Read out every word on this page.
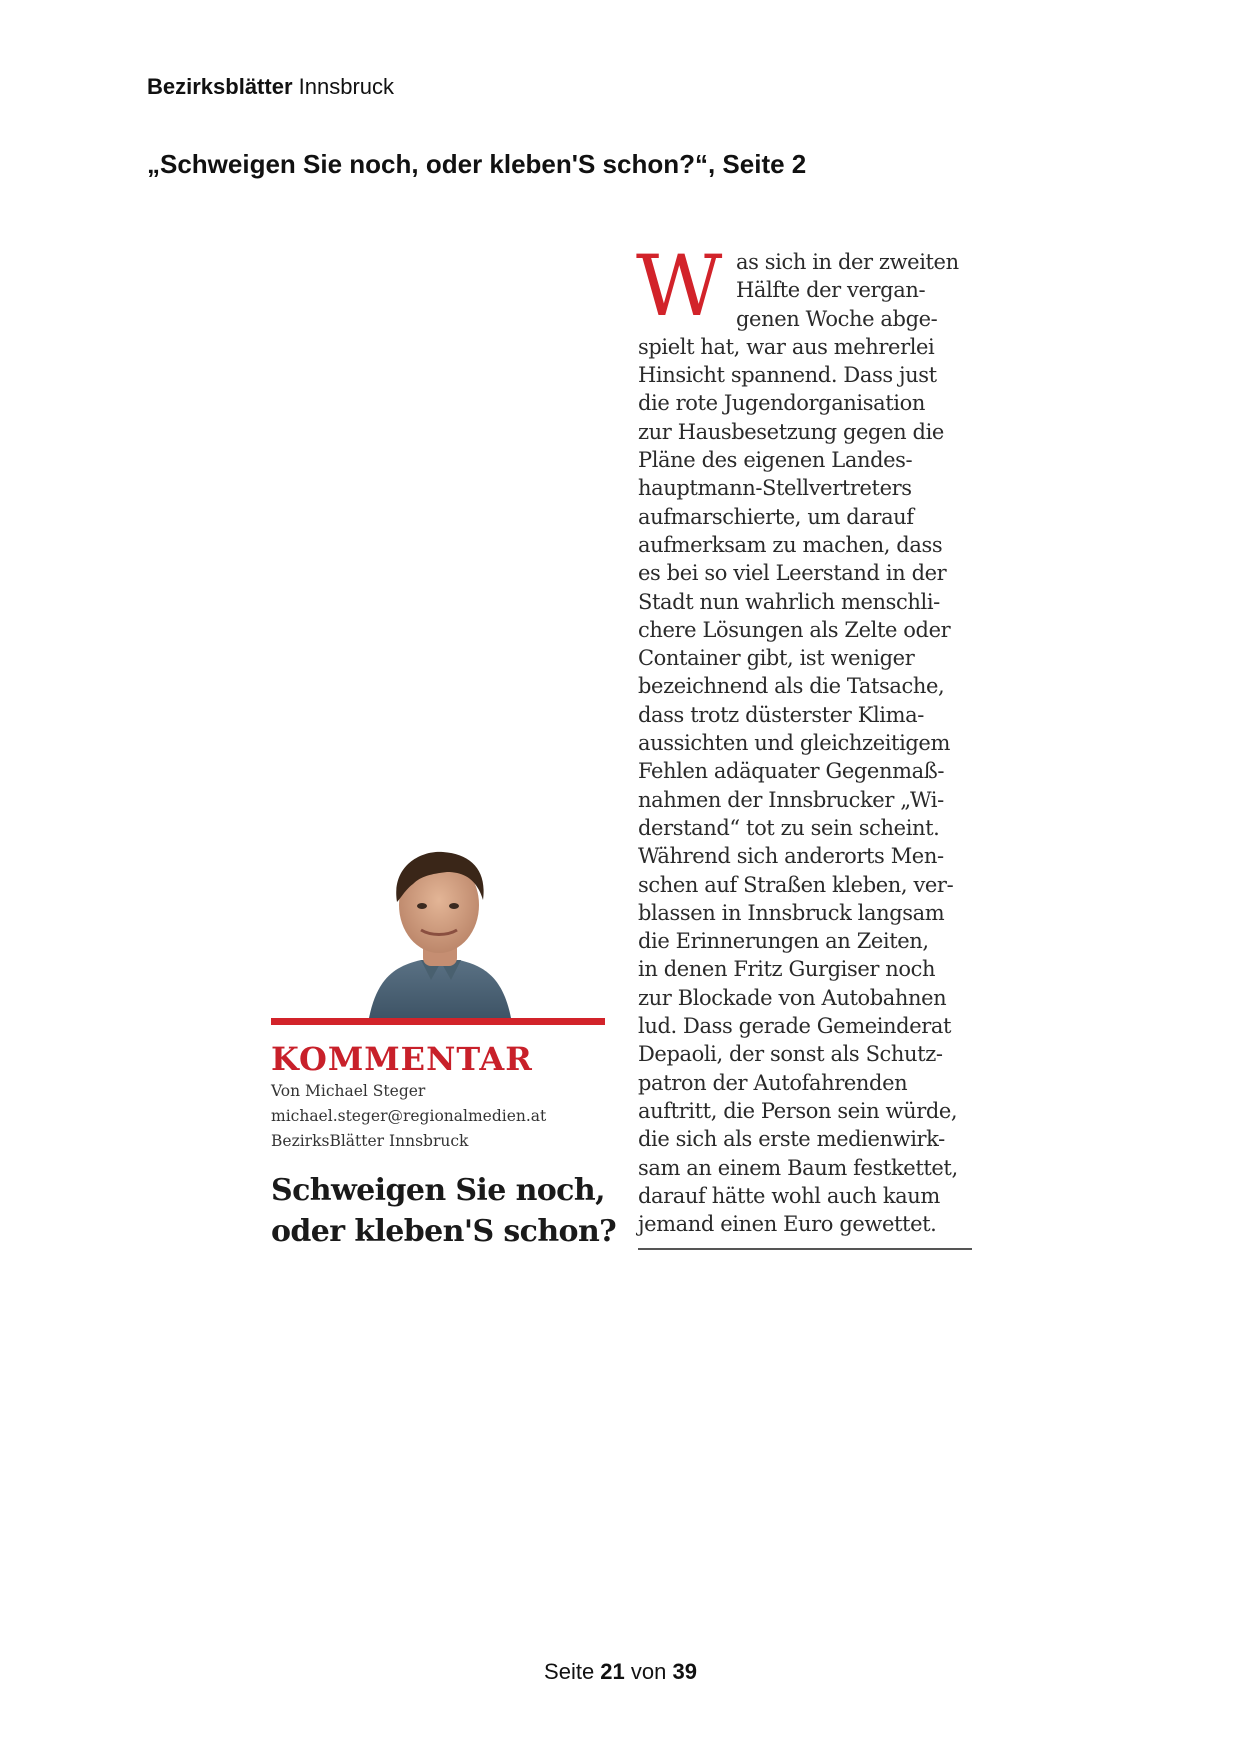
Bezirksblätter Innsbruck
„Schweigen Sie noch, oder kleben'S schon?“, Seite 2
KOMMENTAR
Von Michael Steger
michael.steger@regionalmedien.at
BezirksBlätter Innsbruck
Schweigen Sie noch,
oder kleben'S schon?
W as sich in der zweiten
Hälfte der vergan-
genen Woche abge-
spielt hat, war aus mehrerlei
Hinsicht spannend. Dass just
die rote Jugendorganisation
zur Hausbesetzung gegen die
Pläne des eigenen Landes-
hauptmann-Stellvertreters
aufmarschierte, um darauf
aufmerksam zu machen, dass
es bei so viel Leerstand in der
Stadt nun wahrlich menschli-
chere Lösungen als Zelte oder
Container gibt, ist weniger
bezeichnend als die Tatsache,
dass trotz düsterster Klima-
aussichten und gleichzeitigem
Fehlen adäquater Gegenmaß-
nahmen der Innsbrucker „Wi-
derstand“ tot zu sein scheint.
Während sich anderorts Men-
schen auf Straßen kleben, ver-
blassen in Innsbruck langsam
die Erinnerungen an Zeiten,
in denen Fritz Gurgiser noch
zur Blockade von Autobahnen
lud. Dass gerade Gemeinderat
Depaoli, der sonst als Schutz-
patron der Autofahrenden
auftritt, die Person sein würde,
die sich als erste medienwirk-
sam an einem Baum festkettet,
darauf hätte wohl auch kaum
jemand einen Euro gewettet.
Seite 21 von 39
